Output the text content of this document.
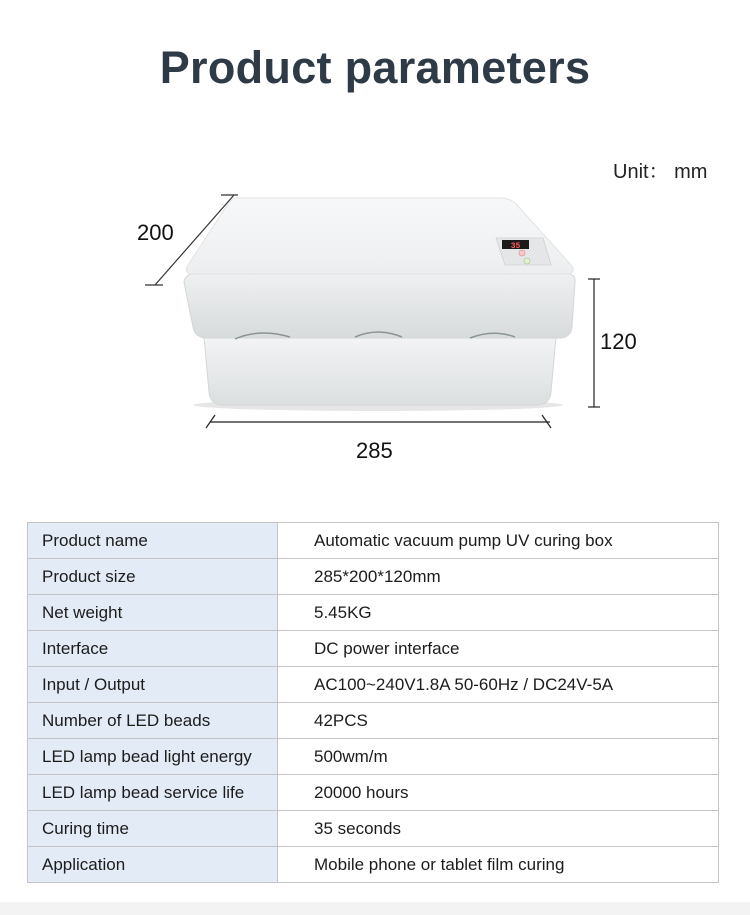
Product parameters
Unit： mm
35
200
120
285
Product name	Automatic vacuum pump UV curing box
Product size	285*200*120mm
Net weight	5.45KG
Interface	DC power interface
Input / Output	AC100~240V1.8A 50-60Hz / DC24V-5A
Number of LED beads	42PCS
LED lamp bead light energy	500wm/m
LED lamp bead service life	20000 hours
Curing time	35 seconds
Application	Mobile phone or tablet film curing
